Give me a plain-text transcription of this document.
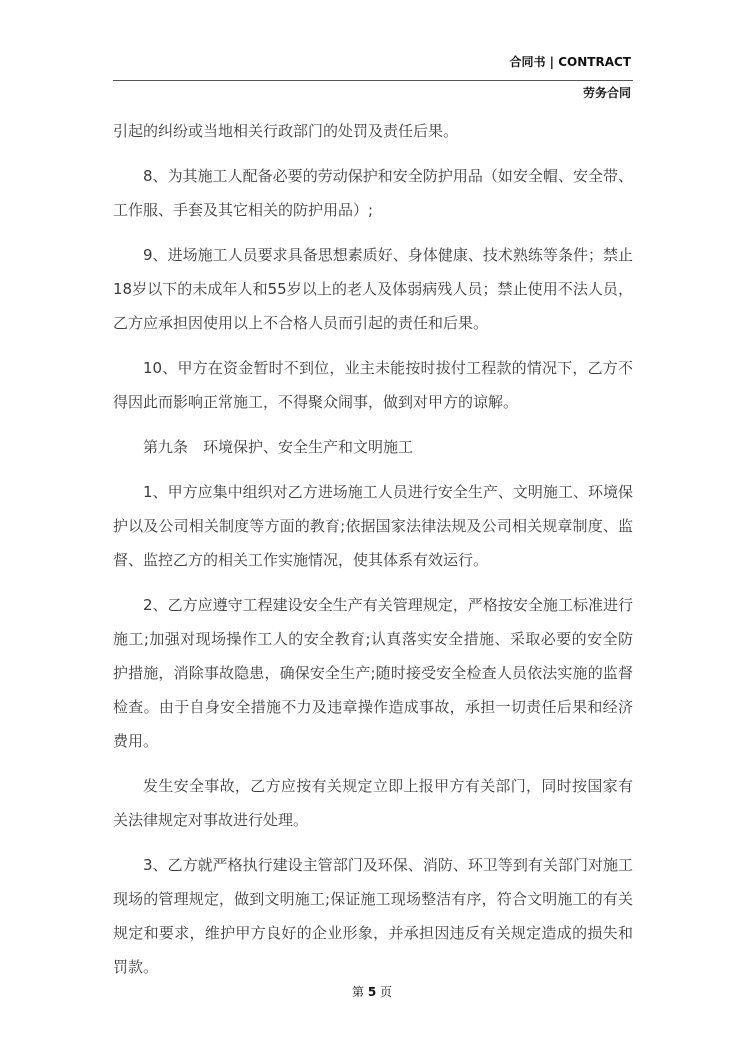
合同书 | CONTRACT
劳务合同

引起的纠纷或当地相关行政部门的处罚及责任后果。

8、为其施工人配备必要的劳动保护和安全防护用品（如安全帽、安全带、工作服、手套及其它相关的防护用品）;

9、进场施工人员要求具备思想素质好、身体健康、技术熟练等条件；禁止18岁以下的未成年人和55岁以上的老人及体弱病残人员；禁止使用不法人员，乙方应承担因使用以上不合格人员而引起的责任和后果。

10、甲方在资金暂时不到位，业主未能按时拔付工程款的情况下，乙方不得因此而影响正常施工，不得聚众闹事，做到对甲方的谅解。

第九条　环境保护、安全生产和文明施工

1、甲方应集中组织对乙方进场施工人员进行安全生产、文明施工、环境保护以及公司相关制度等方面的教育;依据国家法律法规及公司相关规章制度、监督、监控乙方的相关工作实施情况，使其体系有效运行。

2、乙方应遵守工程建设安全生产有关管理规定，严格按安全施工标准进行施工;加强对现场操作工人的安全教育;认真落实安全措施、采取必要的安全防护措施，消除事故隐患，确保安全生产;随时接受安全检查人员依法实施的监督检查。由于自身安全措施不力及违章操作造成事故，承担一切责任后果和经济费用。

发生安全事故，乙方应按有关规定立即上报甲方有关部门，同时按国家有关法律规定对事故进行处理。

3、乙方就严格执行建设主管部门及环保、消防、环卫等到有关部门对施工现场的管理规定，做到文明施工;保证施工现场整洁有序，符合文明施工的有关规定和要求，维护甲方良好的企业形象，并承担因违反有关规定造成的损失和罚款。

第 5 页
